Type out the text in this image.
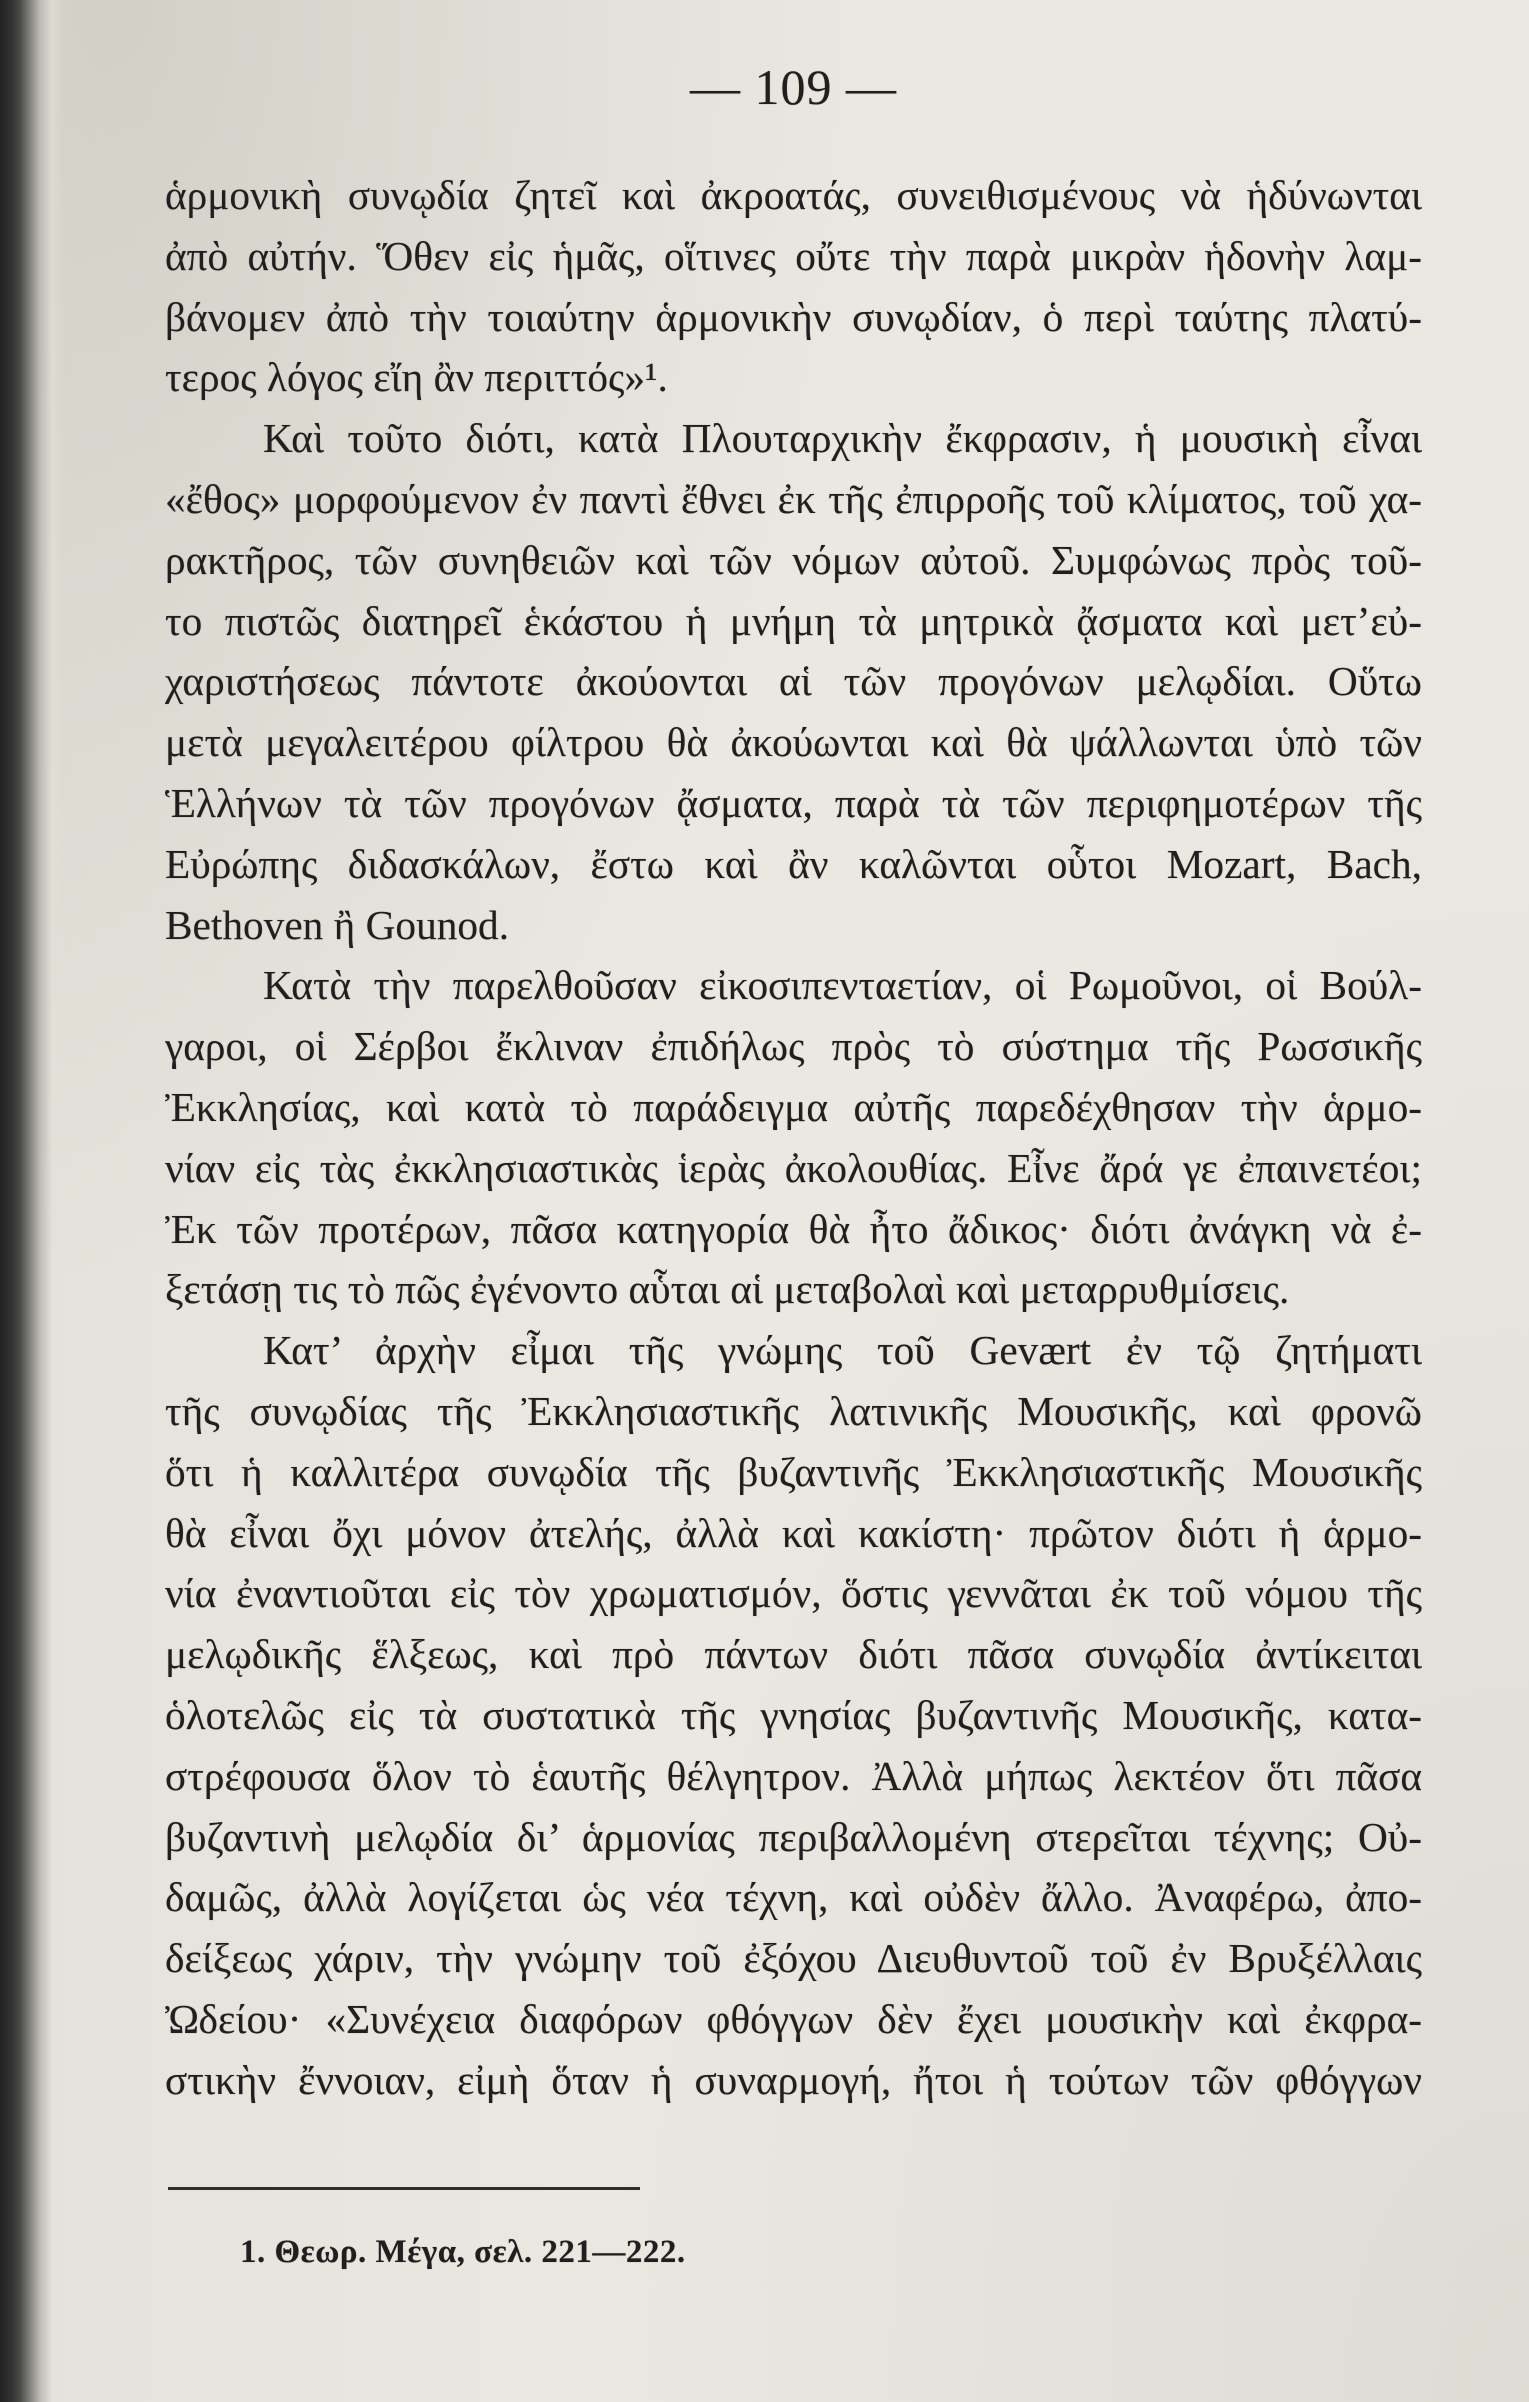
— 109 —
ἁρμονικὴ συνῳδία ζητεῖ καὶ ἀκροατάς, συνειθισμένους νὰ ἡδύνωνται
ἀπὸ αὐτήν. Ὅθεν εἰς ἡμᾶς, οἵτινες οὔτε τὴν παρὰ μικρὰν ἡδονὴν λαμ-
βάνομεν ἀπὸ τὴν τοιαύτην ἁρμονικὴν συνῳδίαν, ὁ περὶ ταύτης πλατύ-
τερος λόγος εἴη ἂν περιττός»¹.
Καὶ τοῦτο διότι, κατὰ Πλουταρχικὴν ἔκφρασιν, ἡ μουσικὴ εἶναι
«ἔθος» μορφούμενον ἐν παντὶ ἔθνει ἐκ τῆς ἐπιρροῆς τοῦ κλίματος, τοῦ χα-
ρακτῆρος, τῶν συνηθειῶν καὶ τῶν νόμων αὐτοῦ. Συμφώνως πρὸς τοῦ-
το πιστῶς διατηρεῖ ἑκάστου ἡ μνήμη τὰ μητρικὰ ᾄσματα καὶ μετ’εὐ-
χαριστήσεως πάντοτε ἀκούονται αἱ τῶν προγόνων μελῳδίαι. Οὕτω
μετὰ μεγαλειτέρου φίλτρου θὰ ἀκούωνται καὶ θὰ ψάλλωνται ὑπὸ τῶν
Ἑλλήνων τὰ τῶν προγόνων ᾄσματα, παρὰ τὰ τῶν περιφημοτέρων τῆς
Εὐρώπης διδασκάλων, ἔστω καὶ ἂν καλῶνται οὗτοι Mozart, Bach,
Bethoven ἢ Gounod.
Κατὰ τὴν παρελθοῦσαν εἰκοσιπενταετίαν, οἱ Ρωμοῦνοι, οἱ Βούλ-
γαροι, οἱ Σέρβοι ἔκλιναν ἐπιδήλως πρὸς τὸ σύστημα τῆς Ρωσσικῆς
Ἐκκλησίας, καὶ κατὰ τὸ παράδειγμα αὐτῆς παρεδέχθησαν τὴν ἁρμο-
νίαν εἰς τὰς ἐκκλησιαστικὰς ἱερὰς ἀκολουθίας. Εἶνε ἄρά γε ἐπαινετέοι;
Ἐκ τῶν προτέρων, πᾶσα κατηγορία θὰ ἦτο ἄδικος· διότι ἀνάγκη νὰ ἐ-
ξετάσῃ τις τὸ πῶς ἐγένοντο αὗται αἱ μεταβολαὶ καὶ μεταρρυθμίσεις.
Κατ’ ἀρχὴν εἶμαι τῆς γνώμης τοῦ Gevært ἐν τῷ ζητήματι
τῆς συνῳδίας τῆς Ἐκκλησιαστικῆς λατινικῆς Μουσικῆς, καὶ φρονῶ
ὅτι ἡ καλλιτέρα συνῳδία τῆς βυζαντινῆς Ἐκκλησιαστικῆς Μουσικῆς
θὰ εἶναι ὄχι μόνον ἀτελής, ἀλλὰ καὶ κακίστη· πρῶτον διότι ἡ ἁρμο-
νία ἐναντιοῦται εἰς τὸν χρωματισμόν, ὅστις γεννᾶται ἐκ τοῦ νόμου τῆς
μελῳδικῆς ἕλξεως, καὶ πρὸ πάντων διότι πᾶσα συνῳδία ἀντίκειται
ὁλοτελῶς εἰς τὰ συστατικὰ τῆς γνησίας βυζαντινῆς Μουσικῆς, κατα-
στρέφουσα ὅλον τὸ ἑαυτῆς θέλγητρον. Ἀλλὰ μήπως λεκτέον ὅτι πᾶσα
βυζαντινὴ μελῳδία δι’ ἁρμονίας περιβαλλομένη στερεῖται τέχνης; Οὐ-
δαμῶς, ἀλλὰ λογίζεται ὡς νέα τέχνη, καὶ οὐδὲν ἄλλο. Ἀναφέρω, ἀπο-
δείξεως χάριν, τὴν γνώμην τοῦ ἐξόχου Διευθυντοῦ τοῦ ἐν Βρυξέλλαις
Ὠδείου· «Συνέχεια διαφόρων φθόγγων δὲν ἔχει μουσικὴν καὶ ἐκφρα-
στικὴν ἔννοιαν, εἰμὴ ὅταν ἡ συναρμογή, ἤτοι ἡ τούτων τῶν φθόγγων
1. Θεωρ. Μέγα, σελ. 221—222.
